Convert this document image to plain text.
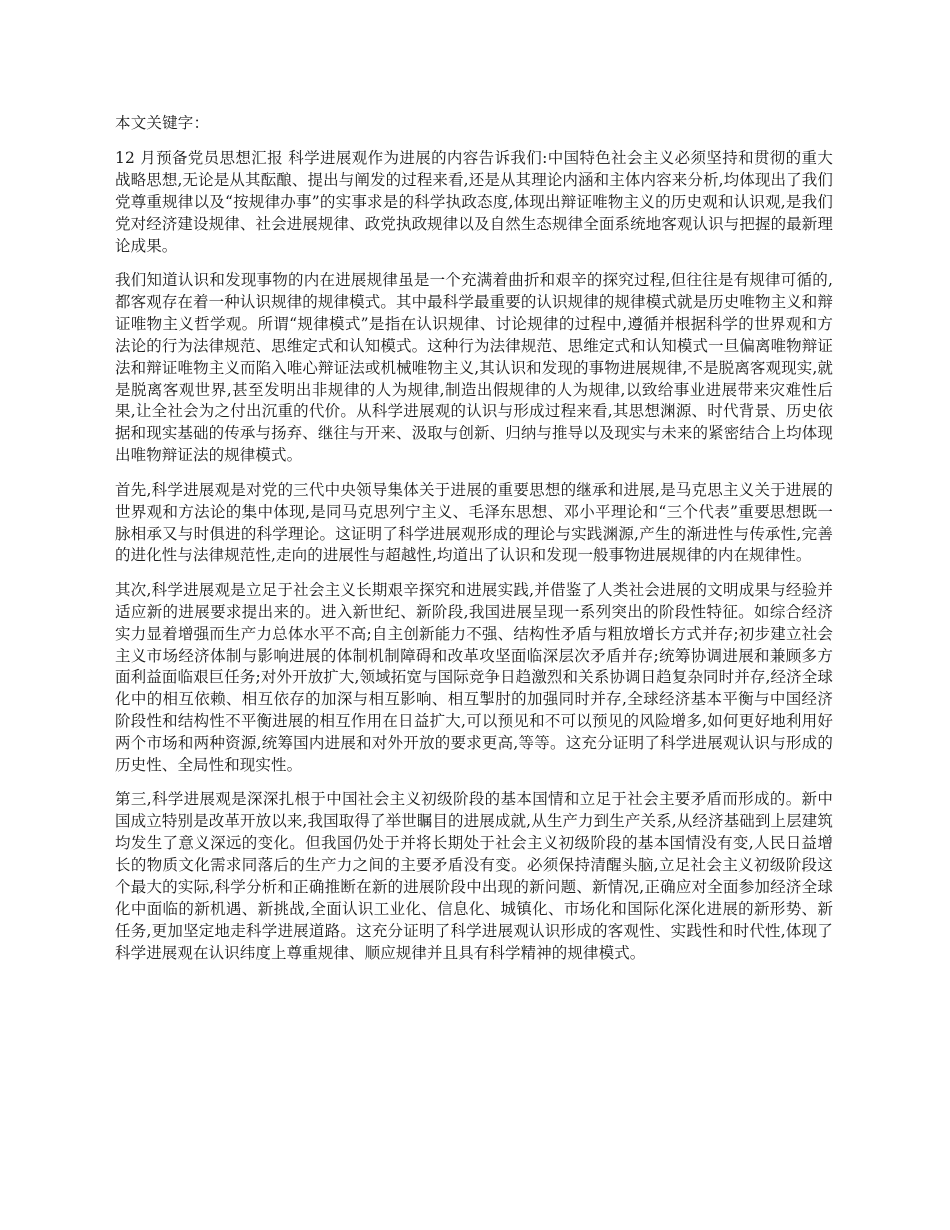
本文关键字：

12 月预备党员思想汇报 科学进展观作为进展的内容告诉我们:中国特色社会主义必须坚持和贯彻的重大战略思想,无论是从其酝酿、提出与阐发的过程来看,还是从其理论内涵和主体内容来分析,均体现出了我们党尊重规律以及“按规律办事”的实事求是的科学执政态度,体现出辩证唯物主义的历史观和认识观,是我们党对经济建设规律、社会进展规律、政党执政规律以及自然生态规律全面系统地客观认识与把握的最新理论成果。

我们知道认识和发现事物的内在进展规律虽是一个充满着曲折和艰辛的探究过程,但往往是有规律可循的,都客观存在着一种认识规律的规律模式。其中最科学最重要的认识规律的规律模式就是历史唯物主义和辩证唯物主义哲学观。所谓“规律模式”是指在认识规律、讨论规律的过程中,遵循并根据科学的世界观和方法论的行为法律规范、思维定式和认知模式。这种行为法律规范、思维定式和认知模式一旦偏离唯物辩证法和辩证唯物主义而陷入唯心辩证法或机械唯物主义,其认识和发现的事物进展规律,不是脱离客观现实,就是脱离客观世界,甚至发明出非规律的人为规律,制造出假规律的人为规律,以致给事业进展带来灾难性后果,让全社会为之付出沉重的代价。从科学进展观的认识与形成过程来看,其思想渊源、时代背景、历史依据和现实基础的传承与扬弃、继往与开来、汲取与创新、归纳与推导以及现实与未来的紧密结合上均体现出唯物辩证法的规律模式。

首先,科学进展观是对党的三代中央领导集体关于进展的重要思想的继承和进展,是马克思主义关于进展的世界观和方法论的集中体现,是同马克思列宁主义、毛泽东思想、邓小平理论和“三个代表”重要思想既一脉相承又与时俱进的科学理论。这证明了科学进展观形成的理论与实践渊源,产生的渐进性与传承性,完善的进化性与法律规范性,走向的进展性与超越性,均道出了认识和发现一般事物进展规律的内在规律性。

其次,科学进展观是立足于社会主义长期艰辛探究和进展实践,并借鉴了人类社会进展的文明成果与经验并适应新的进展要求提出来的。进入新世纪、新阶段,我国进展呈现一系列突出的阶段性特征。如综合经济实力显着增强而生产力总体水平不高;自主创新能力不强、结构性矛盾与粗放增长方式并存;初步建立社会主义市场经济体制与影响进展的体制机制障碍和改革攻坚面临深层次矛盾并存;统筹协调进展和兼顾多方面利益面临艰巨任务;对外开放扩大,领域拓宽与国际竞争日趋激烈和关系协调日趋复杂同时并存,经济全球化中的相互依赖、相互依存的加深与相互影响、相互掣肘的加强同时并存,全球经济基本平衡与中国经济阶段性和结构性不平衡进展的相互作用在日益扩大,可以预见和不可以预见的风险增多,如何更好地利用好两个市场和两种资源,统筹国内进展和对外开放的要求更高,等等。这充分证明了科学进展观认识与形成的历史性、全局性和现实性。

第三,科学进展观是深深扎根于中国社会主义初级阶段的基本国情和立足于社会主要矛盾而形成的。新中国成立特别是改革开放以来,我国取得了举世瞩目的进展成就,从生产力到生产关系,从经济基础到上层建筑均发生了意义深远的变化。但我国仍处于并将长期处于社会主义初级阶段的基本国情没有变,人民日益增长的物质文化需求同落后的生产力之间的主要矛盾没有变。必须保持清醒头脑,立足社会主义初级阶段这个最大的实际,科学分析和正确推断在新的进展阶段中出现的新问题、新情况,正确应对全面参加经济全球化中面临的新机遇、新挑战,全面认识工业化、信息化、城镇化、市场化和国际化深化进展的新形势、新任务,更加坚定地走科学进展道路。这充分证明了科学进展观认识形成的客观性、实践性和时代性,体现了科学进展观在认识纬度上尊重规律、顺应规律并且具有科学精神的规律模式。
